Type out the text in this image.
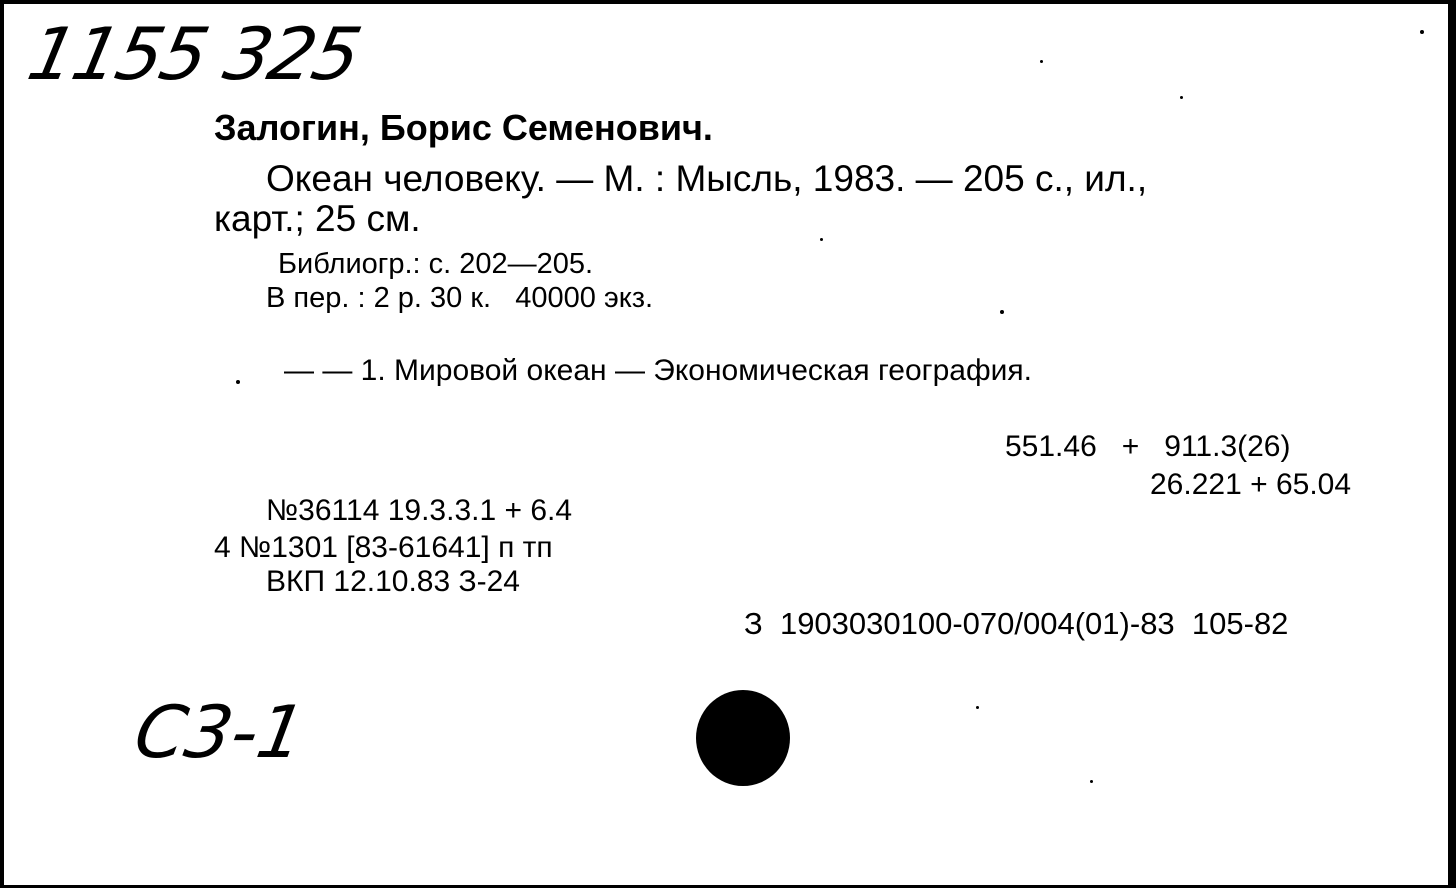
1155 325
Залогин, Борис Семенович.
Океан человеку. — М. : Мысль, 1983. — 205 с., ил.,
карт.; 25 см.
Библиогр.: с. 202—205.
В пер. : 2 р. 30 к.   40000 экз.
— — 1. Мировой океан — Экономическая география.
551.46   +   911.3(26)
26.221 + 65.04
№36114 19.3.3.1 + 6.4
4 №1301 [83-61641] п тп
ВКП 12.10.83 З-24
З  1903030100-070/004(01)-83  105-82
С3-1
